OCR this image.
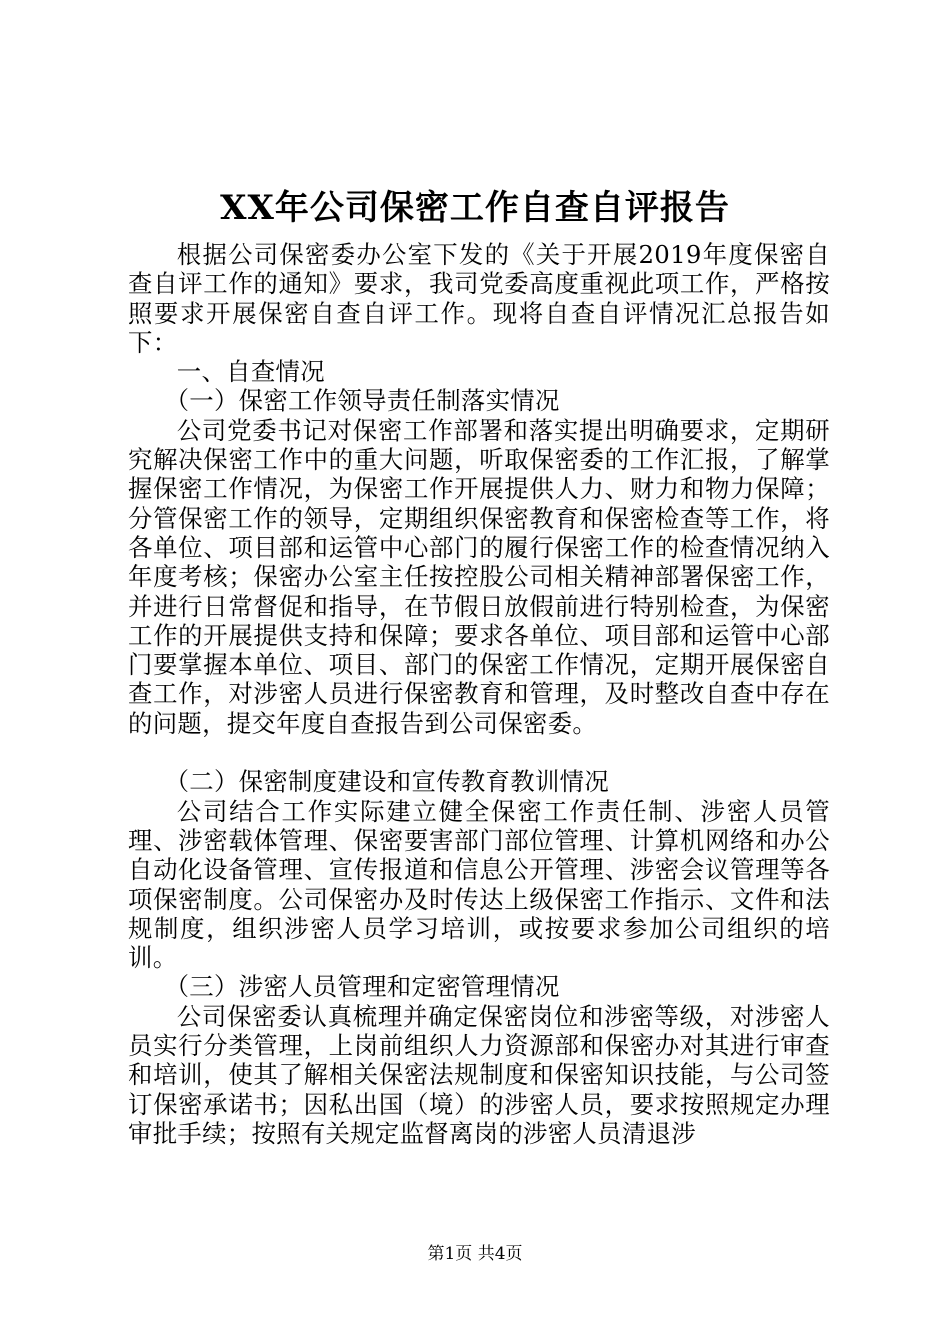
XX年公司保密工作自查自评报告

根据公司保密委办公室下发的《关于开展2019年度保密自查自评工作的通知》要求，我司党委高度重视此项工作，严格按照要求开展保密自查自评工作。现将自查自评情况汇总报告如下：

一、自查情况

（一）保密工作领导责任制落实情况

公司党委书记对保密工作部署和落实提出明确要求，定期研究解决保密工作中的重大问题，听取保密委的工作汇报，了解掌握保密工作情况，为保密工作开展提供人力、财力和物力保障；分管保密工作的领导，定期组织保密教育和保密检查等工作，将各单位、项目部和运管中心部门的履行保密工作的检查情况纳入年度考核；保密办公室主任按控股公司相关精神部署保密工作，并进行日常督促和指导，在节假日放假前进行特别检查，为保密工作的开展提供支持和保障；要求各单位、项目部和运管中心部门要掌握本单位、项目、部门的保密工作情况，定期开展保密自查工作，对涉密人员进行保密教育和管理，及时整改自查中存在的问题，提交年度自查报告到公司保密委。

（二）保密制度建设和宣传教育教训情况

公司结合工作实际建立健全保密工作责任制、涉密人员管理、涉密载体管理、保密要害部门部位管理、计算机网络和办公自动化设备管理、宣传报道和信息公开管理、涉密会议管理等各项保密制度。公司保密办及时传达上级保密工作指示、文件和法规制度，组织涉密人员学习培训，或按要求参加公司组织的培训。

（三）涉密人员管理和定密管理情况

公司保密委认真梳理并确定保密岗位和涉密等级，对涉密人员实行分类管理，上岗前组织人力资源部和保密办对其进行审查和培训，使其了解相关保密法规制度和保密知识技能，与公司签订保密承诺书；因私出国（境）的涉密人员，要求按照规定办理审批手续；按照有关规定监督离岗的涉密人员清退涉

第1页 共4页
